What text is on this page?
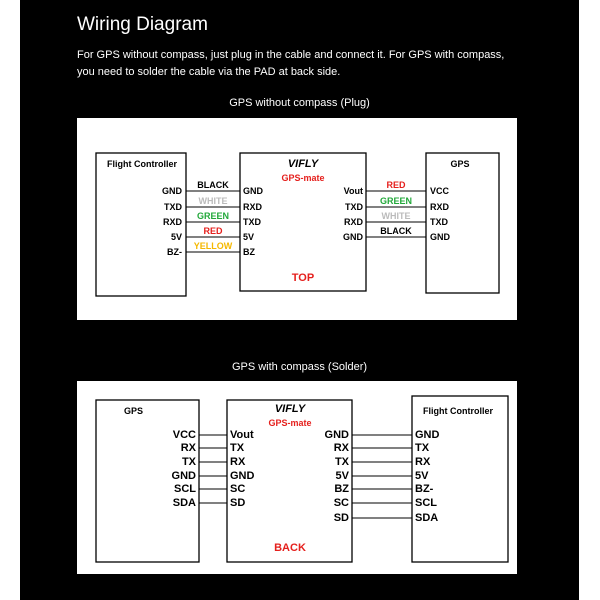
Wiring Diagram

For GPS without compass, just plug in the cable and connect it. For GPS with compass, you need to solder the cable via the PAD at back side.

GPS without compass (Plug)
Flight Controller
GND
TXD
RXD
5V
BZ-
BLACK
WHITE
GREEN
RED
YELLOW
VIFLY
GPS-mate
GND
RXD
TXD
5V
BZ
Vout
TXD
RXD
GND
TOP
RED
GREEN
WHITE
BLACK
GPS
VCC
RXD
TXD
GND
GPS with compass (Solder)
GPS
VCC
RX
TX
GND
SCL
SDA
VIFLY
GPS-mate
Vout
TX
RX
GND
SC
SD
GND
RX
TX
5V
BZ
SC
SD
BACK
Flight Controller
GND
TX
RX
5V
BZ-
SCL
SDA
